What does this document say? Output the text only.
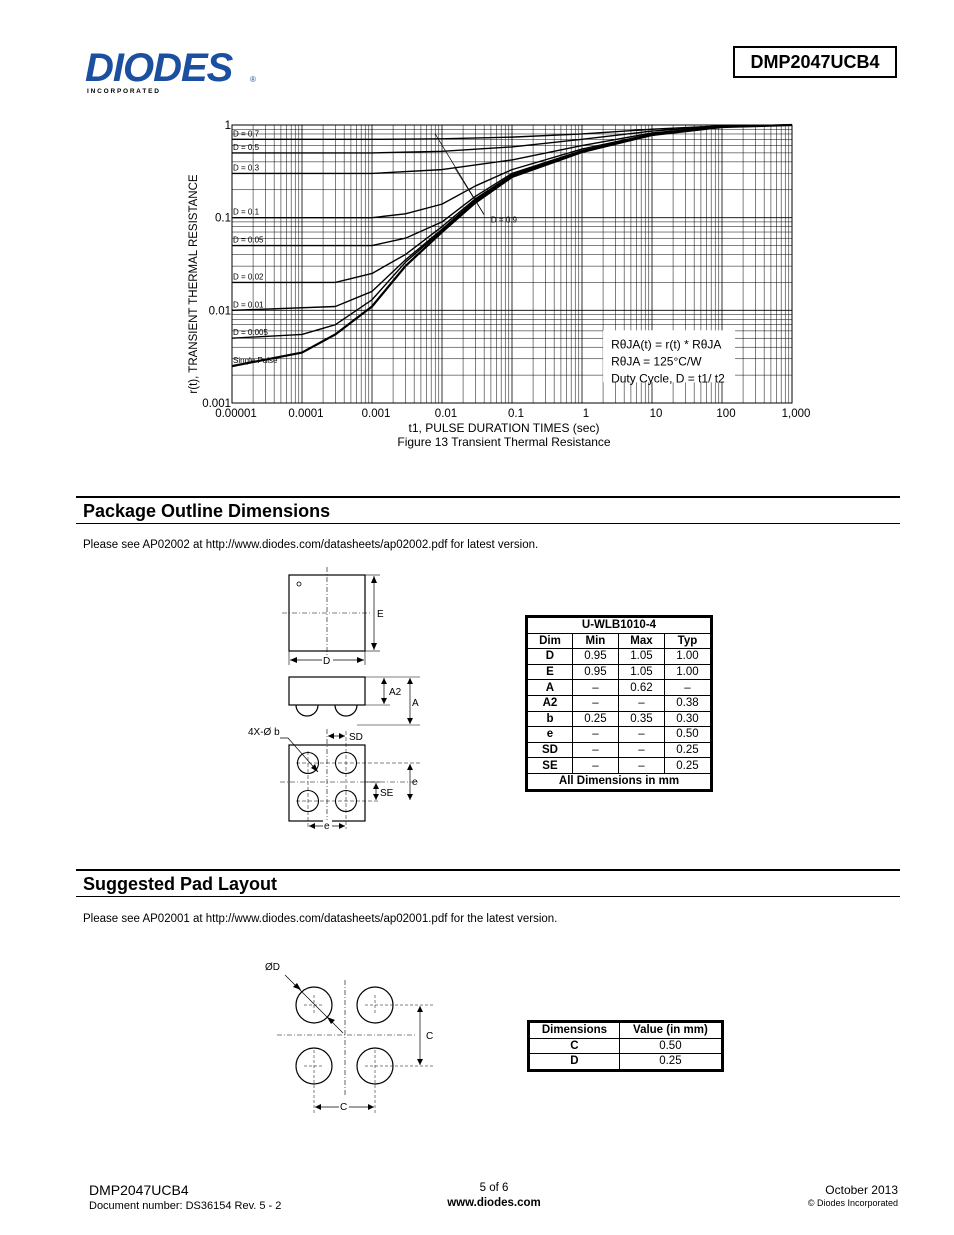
DIODES ®
I N C O R P O R A T E D
DMP2047UCB4
D = 0.7
D = 0.5
D = 0.3
D = 0.1
D = 0.05
D = 0.02
D = 0.01
D = 0.005
Single Pulse
D = 0.9
0.00001	0.0001	0.001	0.01	0.1	1	10	100	1,000
0.001
0.01
0.1
1
t1, PULSE DURATION TIMES (sec)
Figure 13 Transient Thermal Resistance
r(t), TRANSIENT THERMAL RESISTANCE	RθJA(t) = r(t) * RθJA
RθJA = 125°C/W
Duty Cycle, D = t1/ t2
Package Outline Dimensions
Please see AP02002 at http://www.diodes.com/datasheets/ap02002.pdf for latest version.
E
D
A2
A
SD
SE
e
e
4X-Ø b
U-WLB1010-4			
Dim	Min	Max	Typ
D	0.95	1.05	1.00
E	0.95	1.05	1.00
A	–	0.62	–
A2	–	–	0.38
b	0.25	0.35	0.30
e	–	–	0.50
SD	–	–	0.25
SE	–	–	0.25
All Dimensions in mm			
Suggested Pad Layout
Please see AP02001 at http://www.diodes.com/datasheets/ap02001.pdf for the latest version.
ØD
C
C
Dimensions	Value (in mm)
C	0.50
D	0.25
DMP2047UCB4
Document number: DS36154 Rev. 5 - 2
5 of 6
www.diodes.com
October 2013
© Diodes Incorporated
